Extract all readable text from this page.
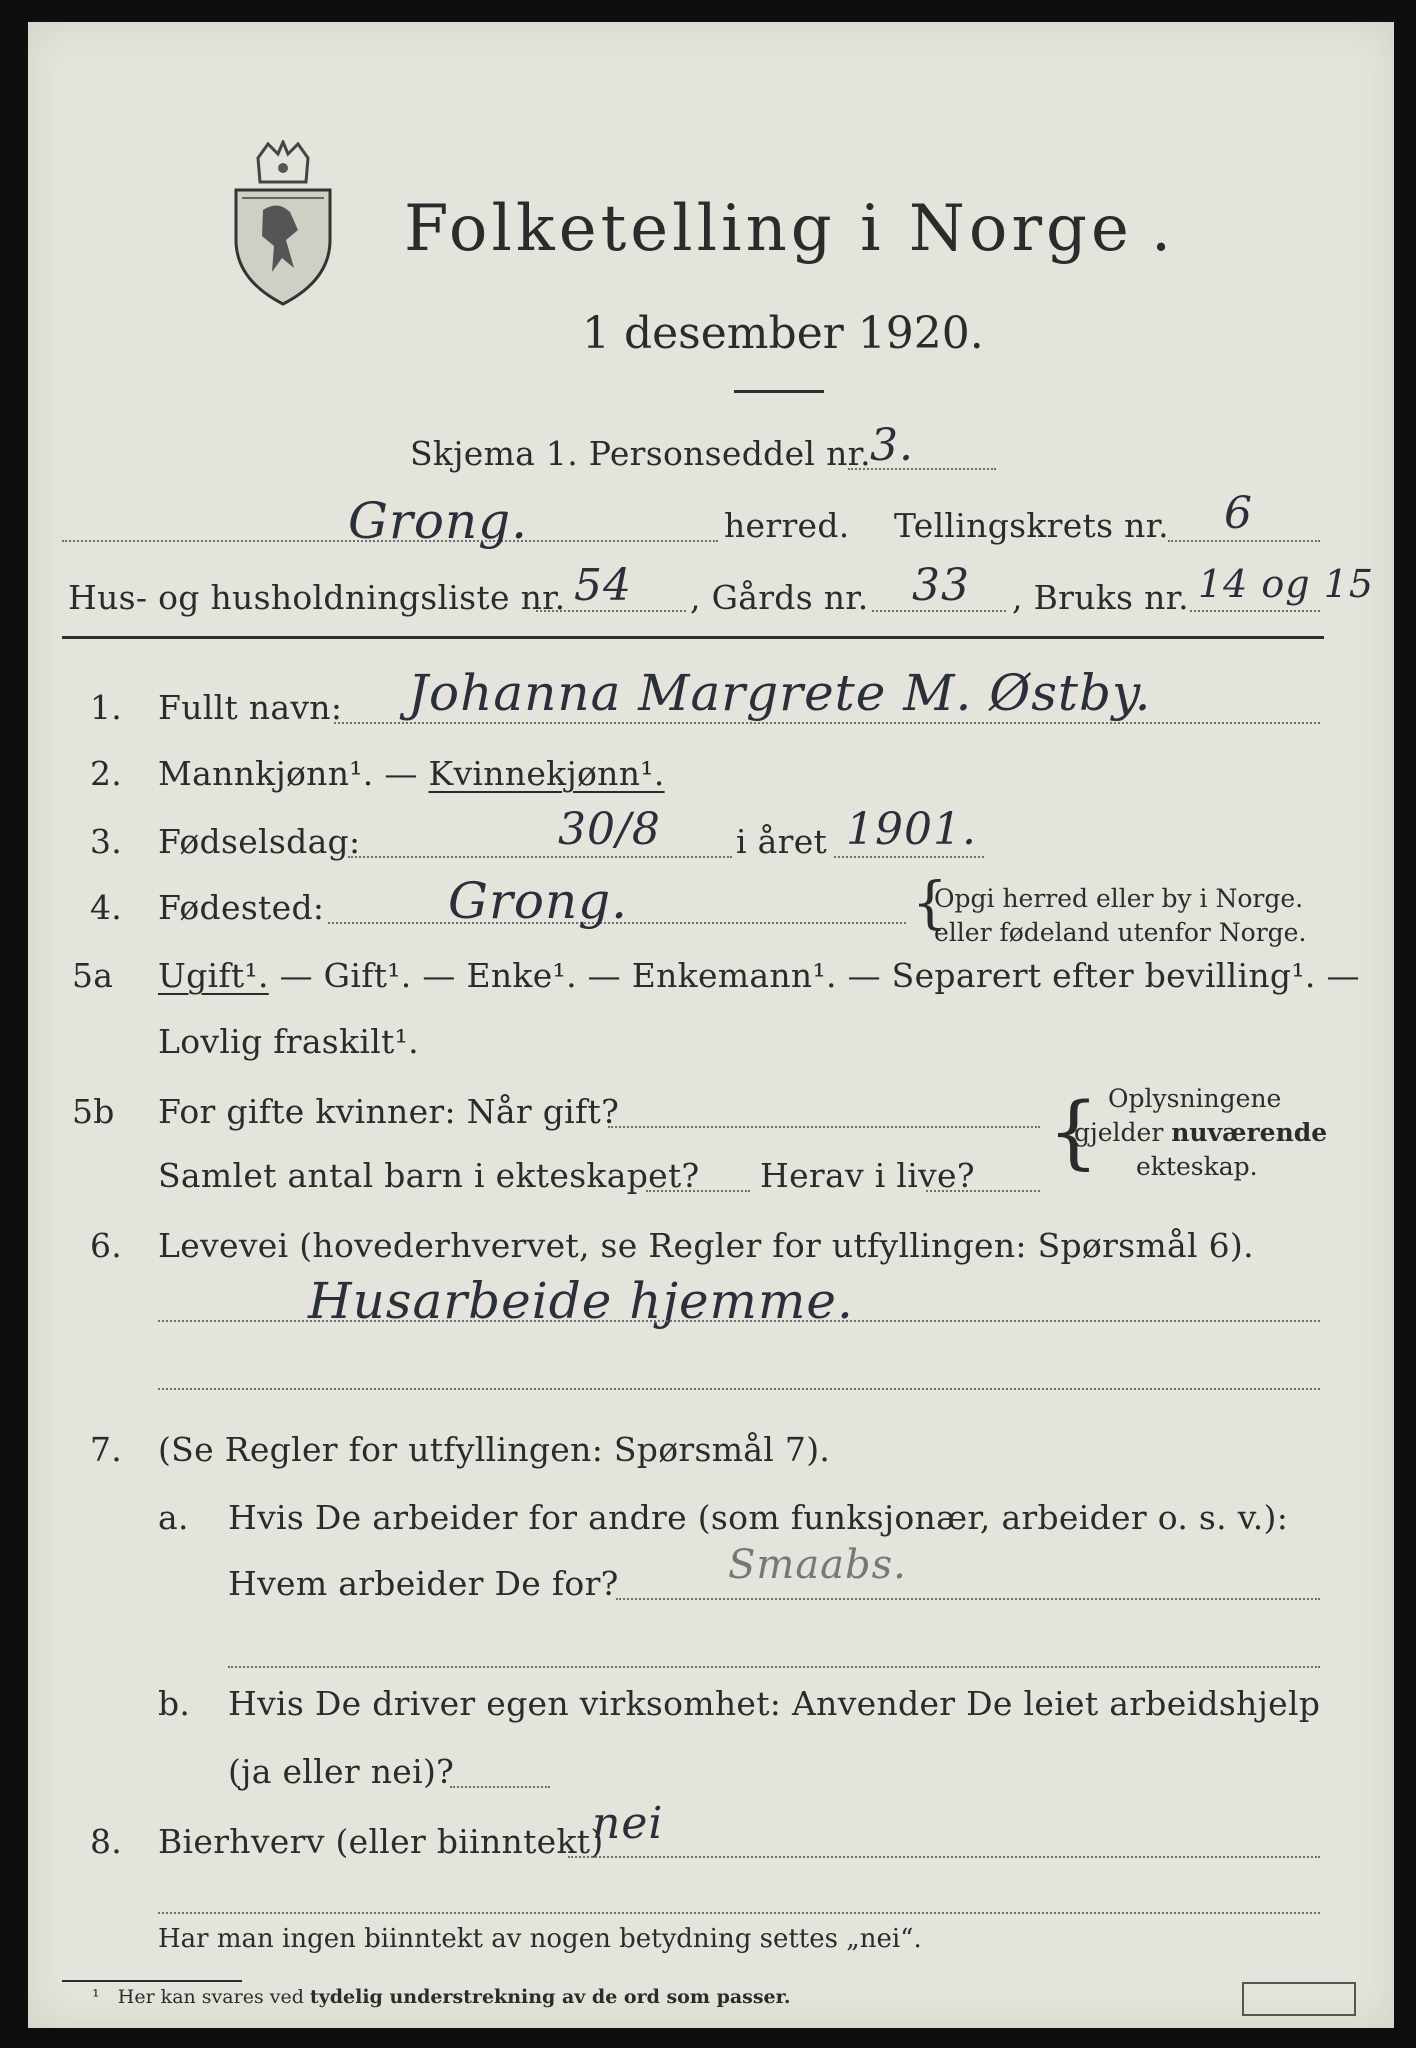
Folketelling i Norge .
1 desember 1920.
Skjema 1. Personseddel nr. 3.
Grong.	herred. Tellingskrets nr. 6
Hus- og husholdningsliste nr. 54 , Gårds nr. 33 , Bruks nr. 14 og 15
1. Fullt navn: Johanna Margrete M. Østby.
2. Mannkjønn¹. — Kvinnekjønn¹.
3. Fødselsdag:	30/8 i året 1901.
4. Fødested: Grong.	{
Opgi herred eller by i Norge.
eller fødeland utenfor Norge.
5a Ugift¹. — Gift¹. — Enke¹. — Enkemann¹. — Separert efter bevilling¹. —
Lovlig fraskilt¹.
5b For gifte kvinner: Når gift?
Samlet antal barn i ekteskapet? Herav i live? { Oplysningene
gjelder nuværende
ekteskap.
6. Levevei (hovederhvervet, se Regler for utfyllingen: Spørsmål 6).
Husarbeide hjemme.
7. (Se Regler for utfyllingen: Spørsmål 7).
a. Hvis De arbeider for andre (som funksjonær, arbeider o. s. v.):
Hvem arbeider De for?	Smaabs.
b. Hvis De driver egen virksomhet: Anvender De leiet arbeidshjelp
(ja eller nei)?
8. Bierhverv (eller biinntekt)
nei
Har man ingen biinntekt av nogen betydning settes „nei“.
¹ Her kan svares ved tydelig understrekning av de ord som passer.
